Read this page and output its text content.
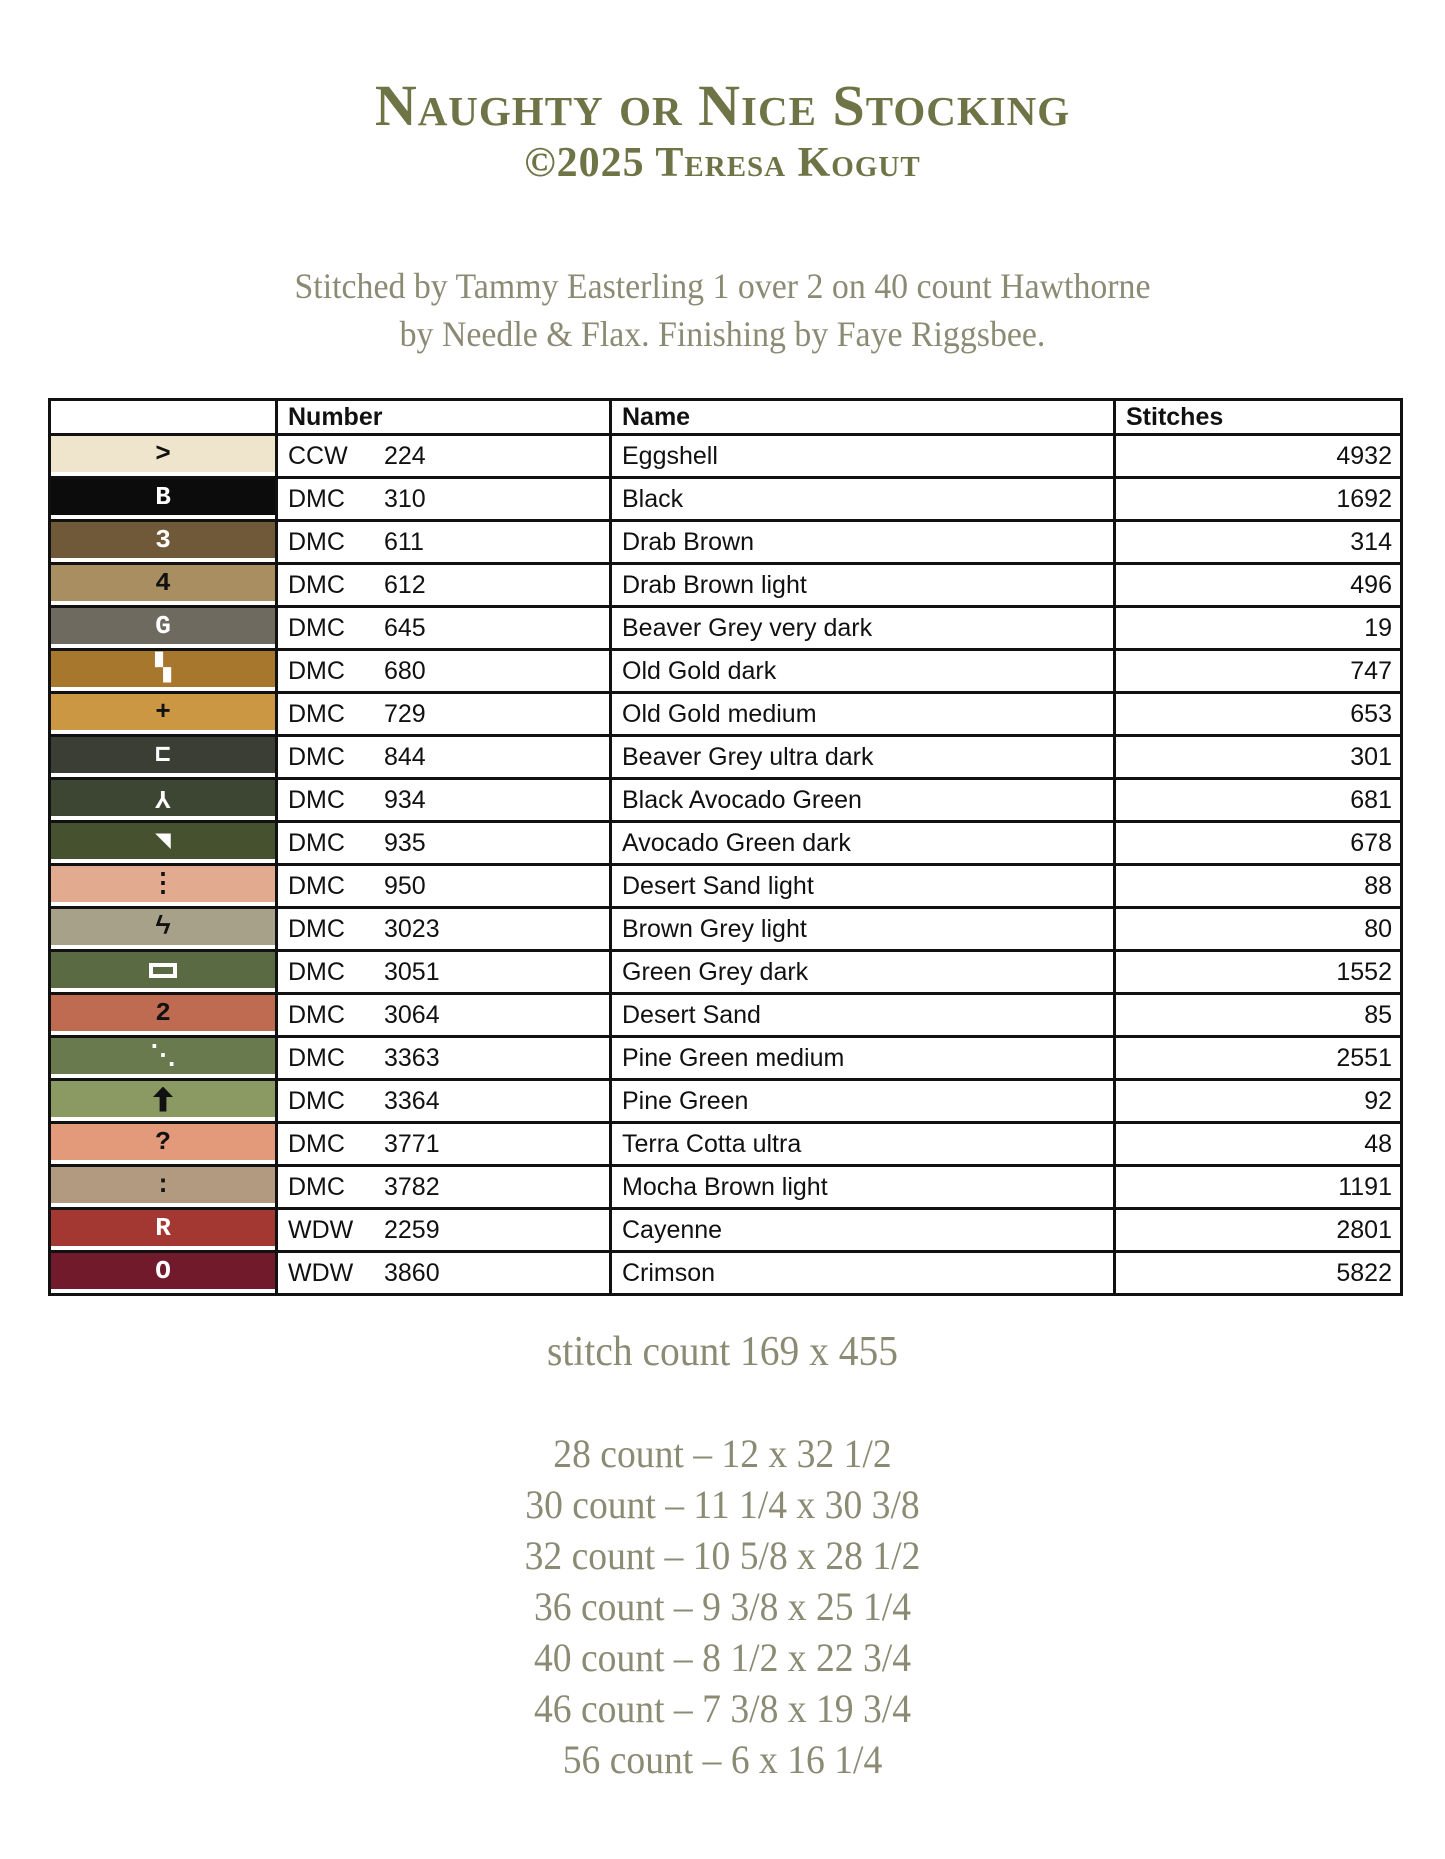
Naughty or Nice Stocking
©2025 Teresa Kogut
Stitched by Tammy Easterling 1 over 2 on 40 count Hawthorne
by Needle & Flax. Finishing by Faye Riggsbee.
	Number	Name	Stitches

>	CCW 224	Eggshell	4932

B	DMC 310	Black	1692

3	DMC 611	Drab Brown	314

4	DMC 612	Drab Brown light	496

G	DMC 645	Beaver Grey very dark	19

▚	DMC 680	Old Gold dark	747

+	DMC 729	Old Gold medium	653

⊏	DMC 844	Beaver Grey ultra dark	301

Y	DMC 934	Black Avocado Green	681

◥	DMC 935	Avocado Green dark	678

⋮	DMC 950	Desert Sand light	88

ϟ	DMC 3023	Brown Grey light	80

	DMC 3051	Green Grey dark	1552

2	DMC 3064	Desert Sand	85

⋱	DMC 3363	Pine Green medium	2551

	DMC 3364	Pine Green	92

?	DMC 3771	Terra Cotta ultra	48

:	DMC 3782	Mocha Brown light	1191

R	WDW 2259	Cayenne	2801

O	WDW 3860	Crimson	5822
stitch count 169 x 455
28 count – 12 x 32 1/2
30 count – 11 1/4 x 30 3/8
32 count – 10 5/8 x 28 1/2
36 count – 9 3/8 x 25 1/4
40 count – 8 1/2 x 22 3/4
46 count – 7 3/8 x 19 3/4
56 count – 6 x 16 1/4
